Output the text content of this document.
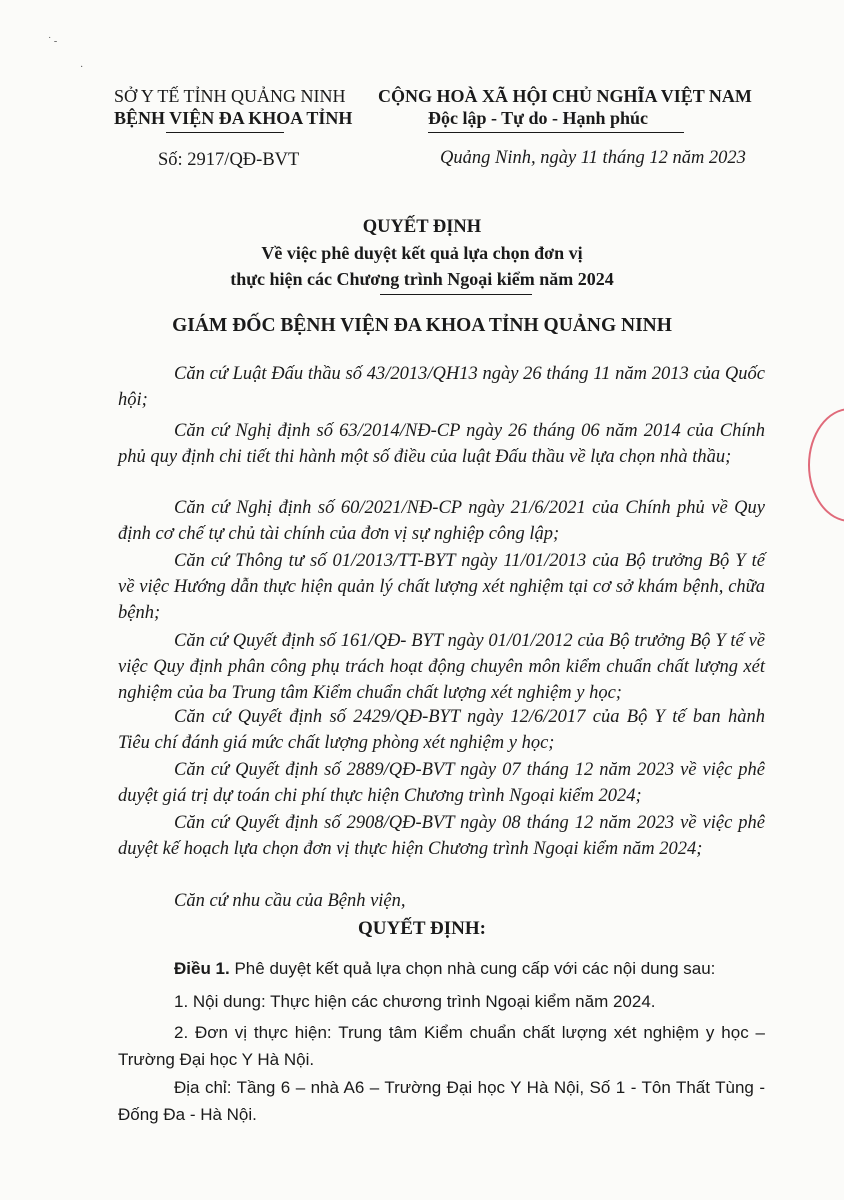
˙ -
·
SỞ Y TẾ TỈNH QUẢNG NINH
BỆNH VIỆN ĐA KHOA TỈNH
CỘNG HOÀ XÃ HỘI CHỦ NGHĨA VIỆT NAM
Độc lập - Tự do - Hạnh phúc
Số: 2917/QĐ-BVT	Quảng Ninh, ngày 11 tháng 12 năm 2023
QUYẾT ĐỊNH
Về việc phê duyệt kết quả lựa chọn đơn vị
thực hiện các Chương trình Ngoại kiểm năm 2024
GIÁM ĐỐC BỆNH VIỆN ĐA KHOA TỈNH QUẢNG NINH
Căn cứ Luật Đấu thầu số 43/2013/QH13 ngày 26 tháng 11 năm 2013 của Quốc hội;
Căn cứ Nghị định số 63/2014/NĐ-CP ngày 26 tháng 06 năm 2014 của Chính phủ quy định chi tiết thi hành một số điều của luật Đấu thầu về lựa chọn nhà thầu;
Căn cứ Nghị định số 60/2021/NĐ-CP ngày 21/6/2021 của Chính phủ về Quy định cơ chế tự chủ tài chính của đơn vị sự nghiệp công lập;
Căn cứ Thông tư số 01/2013/TT-BYT ngày 11/01/2013 của Bộ trưởng Bộ Y tế về việc Hướng dẫn thực hiện quản lý chất lượng xét nghiệm tại cơ sở khám bệnh, chữa bệnh;
Căn cứ Quyết định số 161/QĐ- BYT ngày 01/01/2012 của Bộ trưởng Bộ Y tế về việc Quy định phân công phụ trách hoạt động chuyên môn kiểm chuẩn chất lượng xét nghiệm của ba Trung tâm Kiểm chuẩn chất lượng xét nghiệm y học;
Căn cứ Quyết định số 2429/QĐ-BYT ngày 12/6/2017 của Bộ Y tế ban hành Tiêu chí đánh giá mức chất lượng phòng xét nghiệm y học;
Căn cứ Quyết định số 2889/QĐ-BVT ngày 07 tháng 12 năm 2023 về việc phê duyệt giá trị dự toán chi phí thực hiện Chương trình Ngoại kiểm 2024;
Căn cứ Quyết định số 2908/QĐ-BVT ngày 08 tháng 12 năm 2023 về việc phê duyệt kế hoạch lựa chọn đơn vị thực hiện Chương trình Ngoại kiểm năm 2024;
Căn cứ nhu cầu của Bệnh viện,
QUYẾT ĐỊNH:
Điều 1. Phê duyệt kết quả lựa chọn nhà cung cấp với các nội dung sau:
1. Nội dung: Thực hiện các chương trình Ngoại kiểm năm 2024.
2. Đơn vị thực hiện: Trung tâm Kiểm chuẩn chất lượng xét nghiệm y học – Trường Đại học Y Hà Nội.
Địa chỉ: Tầng 6 – nhà A6 – Trường Đại học Y Hà Nội, Số 1 - Tôn Thất Tùng - Đống Đa - Hà Nội.
